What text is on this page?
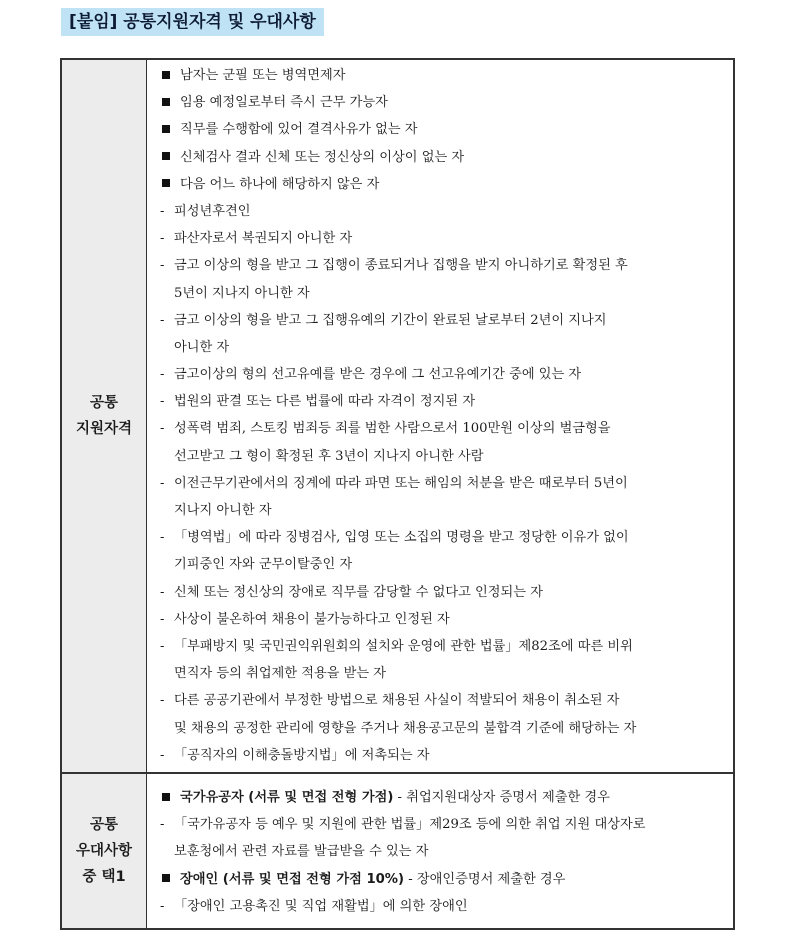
[붙임] 공통지원자격 및 우대사항
공통
지원자격
남자는 군필 또는 병역면제자
임용 예정일로부터 즉시 근무 가능자
직무를 수행함에 있어 결격사유가 없는 자
신체검사 결과 신체 또는 정신상의 이상이 없는 자
다음 어느 하나에 해당하지 않은 자
- 피성년후견인
- 파산자로서 복권되지 아니한 자
- 금고 이상의 형을 받고 그 집행이 종료되거나 집행을 받지 아니하기로 확정된 후
5년이 지나지 아니한 자
- 금고 이상의 형을 받고 그 집행유예의 기간이 완료된 날로부터 2년이 지나지
아니한 자
- 금고이상의 형의 선고유예를 받은 경우에 그 선고유예기간 중에 있는 자
- 법원의 판결 또는 다른 법률에 따라 자격이 정지된 자
- 성폭력 범죄, 스토킹 범죄등 죄를 범한 사람으로서 100만원 이상의 벌금형을
선고받고 그 형이 확정된 후 3년이 지나지 아니한 사람
- 이전근무기관에서의 징계에 따라 파면 또는 해임의 처분을 받은 때로부터 5년이
지나지 아니한 자
- 「병역법」에 따라 징병검사, 입영 또는 소집의 명령을 받고 정당한 이유가 없이
기피중인 자와 군무이탈중인 자
- 신체 또는 정신상의 장애로 직무를 감당할 수 없다고 인정되는 자
- 사상이 불온하여 채용이 불가능하다고 인정된 자
- 「부패방지 및 국민권익위원회의 설치와 운영에 관한 법률」제82조에 따른 비위
면직자 등의 취업제한 적용을 받는 자
- 다른 공공기관에서 부정한 방법으로 채용된 사실이 적발되어 채용이 취소된 자
및 채용의 공정한 관리에 영향을 주거나 채용공고문의 불합격 기준에 해당하는 자
- 「공직자의 이해충돌방지법」에 저촉되는 자
공통
우대사항
중 택1
국가유공자 (서류 및 면접 전형 가점) - 취업지원대상자 증명서 제출한 경우
- 「국가유공자 등 예우 및 지원에 관한 법률」제29조 등에 의한 취업 지원 대상자로
보훈청에서 관련 자료를 발급받을 수 있는 자
장애인 (서류 및 면접 전형 가점 10%) - 장애인증명서 제출한 경우
- 「장애인 고용촉진 및 직업 재활법」에 의한 장애인
